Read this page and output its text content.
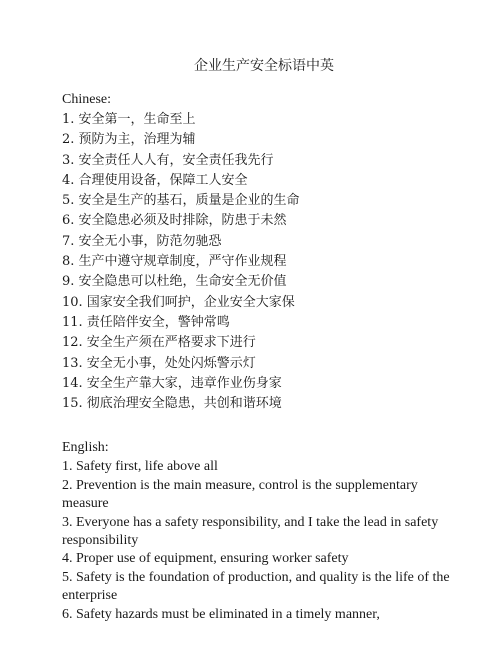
企业生产安全标语中英
Chinese:
1. 安全第一，生命至上
2. 预防为主，治理为辅
3. 安全责任人人有，安全责任我先行
4. 合理使用设备，保障工人安全
5. 安全是生产的基石，质量是企业的生命
6. 安全隐患必须及时排除，防患于未然
7. 安全无小事，防范勿驰恐
8. 生产中遵守规章制度，严守作业规程
9. 安全隐患可以杜绝，生命安全无价值
10. 国家安全我们呵护，企业安全大家保
11. 责任陪伴安全，警钟常鸣
12. 安全生产须在严格要求下进行
13. 安全无小事，处处闪烁警示灯
14. 安全生产靠大家，违章作业伤身家
15. 彻底治理安全隐患，共创和谐环境
English:
1. Safety first, life above all
2. Prevention is the main measure, control is the supplementary measure
3. Everyone has a safety responsibility, and I take the lead in safety responsibility
4. Proper use of equipment, ensuring worker safety
5. Safety is the foundation of production, and quality is the life of the enterprise
6. Safety hazards must be eliminated in a timely manner,
